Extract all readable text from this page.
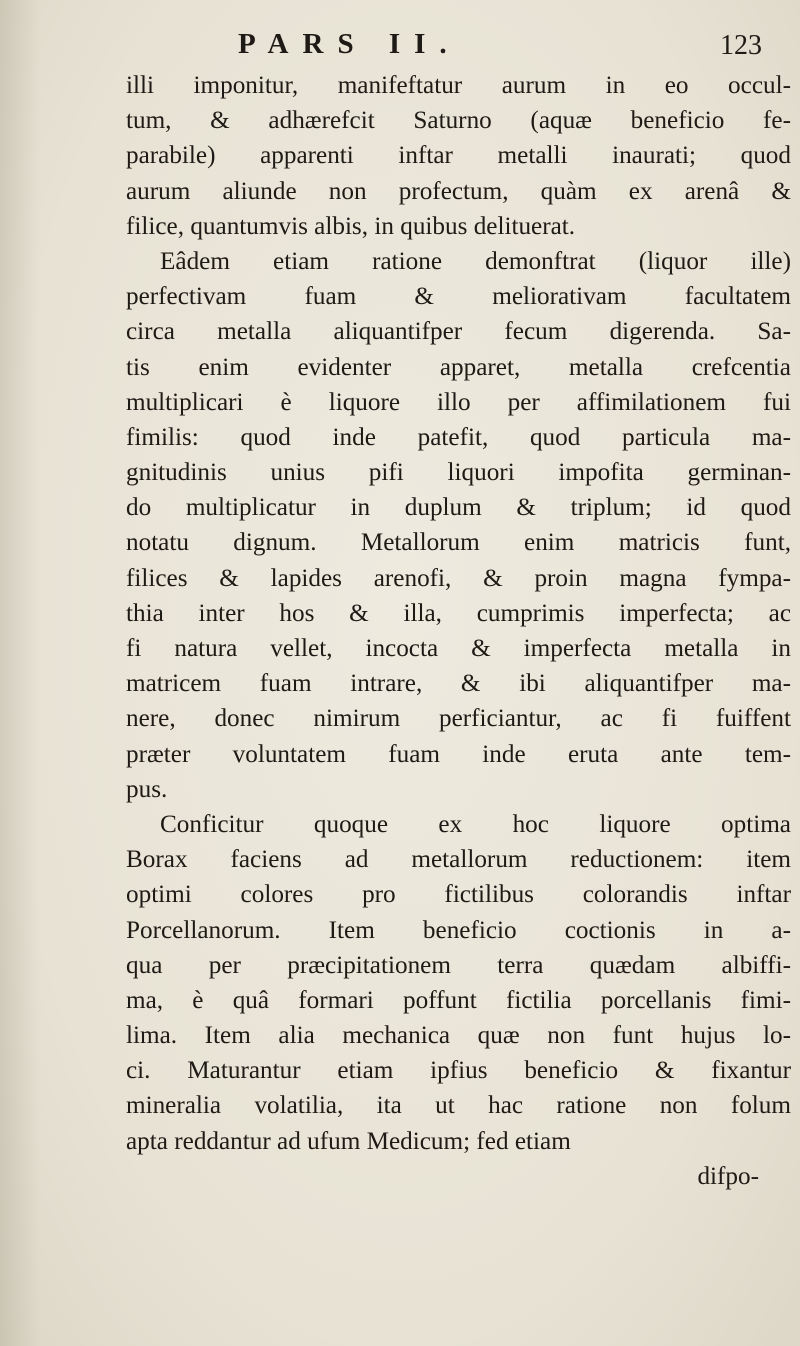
PARS II.	123
illi imponitur, manifeftatur aurum in eo occul-
tum, & adhærefcit Saturno (aquæ beneficio fe-
parabile) apparenti inftar metalli inaurati; quod
aurum aliunde non profectum, quàm ex arenâ &
filice, quantumvis albis, in quibus delituerat.
Eâdem etiam ratione demonftrat (liquor ille)
perfectivam fuam & meliorativam facultatem
circa metalla aliquantifper fecum digerenda. Sa-
tis enim evidenter apparet, metalla crefcentia
multiplicari è liquore illo per affimilationem fui
fimilis: quod inde patefit, quod particula ma-
gnitudinis unius pifi liquori impofita germinan-
do multiplicatur in duplum & triplum; id quod
notatu dignum. Metallorum enim matricis funt,
filices & lapides arenofi, & proin magna fympa-
thia inter hos & illa, cumprimis imperfecta; ac
fi natura vellet, incocta & imperfecta metalla in
matricem fuam intrare, & ibi aliquantifper ma-
nere, donec nimirum perficiantur, ac fi fuiffent
præter voluntatem fuam inde eruta ante tem-
pus.
Conficitur quoque ex hoc liquore optima
Borax faciens ad metallorum reductionem: item
optimi colores pro fictilibus colorandis inftar
Porcellanorum. Item beneficio coctionis in a-
qua per præcipitationem terra quædam albiffi-
ma, è quâ formari poffunt fictilia porcellanis fimi-
lima. Item alia mechanica quæ non funt hujus lo-
ci. Maturantur etiam ipfius beneficio & fixantur
mineralia volatilia, ita ut hac ratione non folum
apta reddantur ad ufum Medicum; fed etiam
difpo-
